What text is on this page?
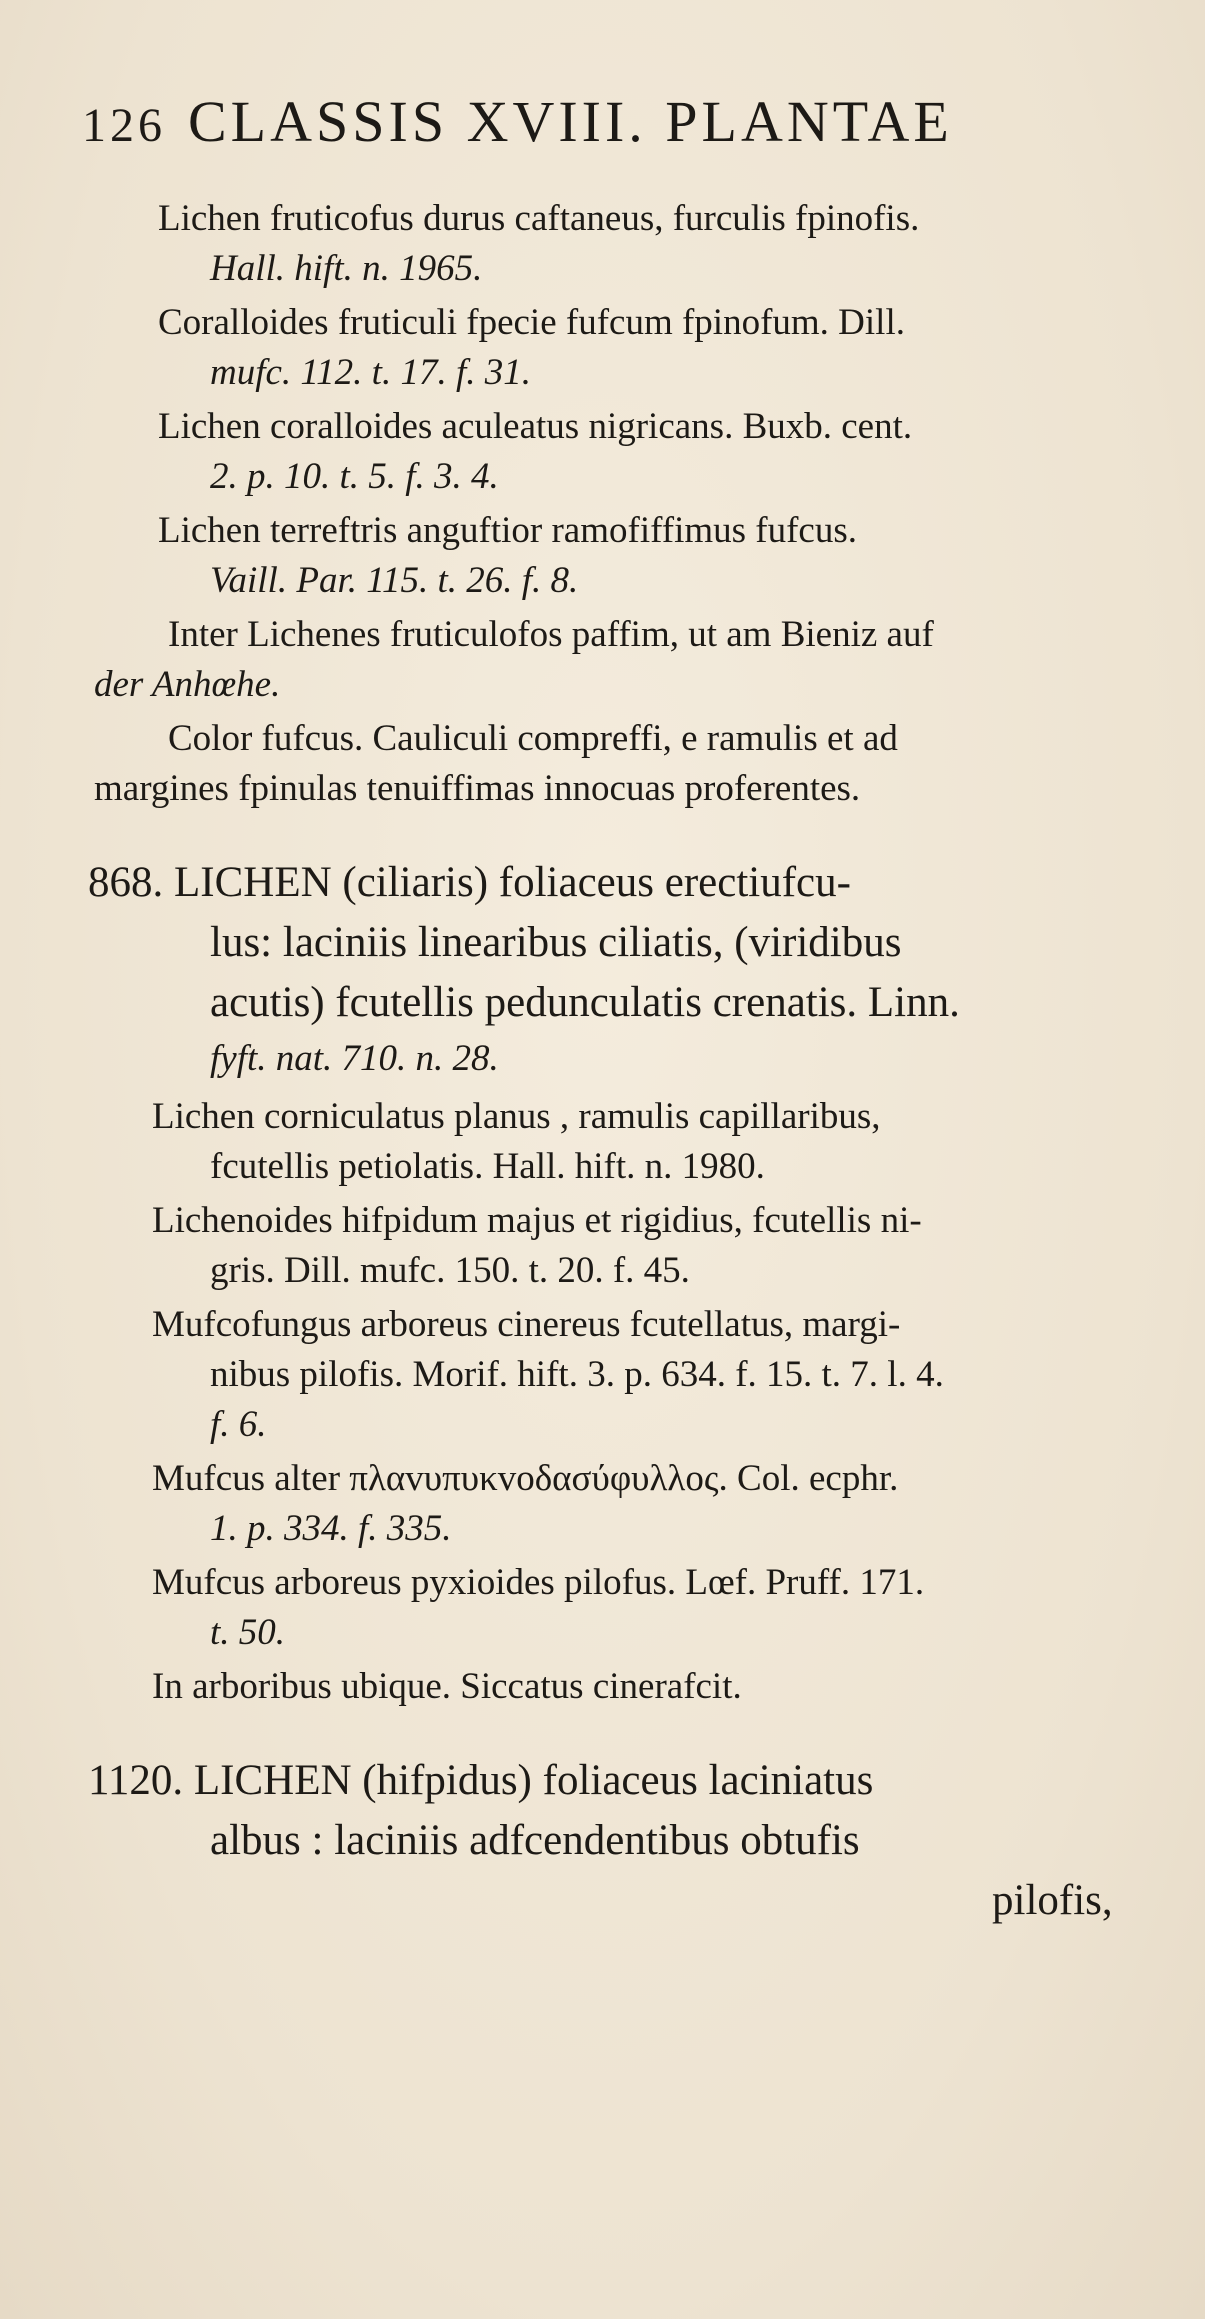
126 CLASSIS XVIII. PLANTAE
Lichen fruticofus durus caftaneus, furculis fpinofis.
Hall. hift. n. 1965.
Coralloides fruticuli fpecie fufcum fpinofum. Dill.
mufc. 112. t. 17. f. 31.
Lichen coralloides aculeatus nigricans. Buxb. cent.
2. p. 10. t. 5. f. 3. 4.
Lichen terreftris anguftior ramofiffimus fufcus.
Vaill. Par. 115. t. 26. f. 8.
Inter Lichenes fruticulofos paffim, ut am Bieniz auf
der Anhœhe.
Color fufcus. Cauliculi compreffi, e ramulis et ad
margines fpinulas tenuiffimas innocuas proferentes.
868. LICHEN (ciliaris) foliaceus erectiufcu-
lus: laciniis linearibus ciliatis, (viridibus
acutis) fcutellis pedunculatis crenatis. Linn.
fyft. nat. 710. n. 28.
Lichen corniculatus planus , ramulis capillaribus,
fcutellis petiolatis. Hall. hift. n. 1980.
Lichenoides hifpidum majus et rigidius, fcutellis ni-
gris. Dill. mufc. 150. t. 20. f. 45.
Mufcofungus arboreus cinereus fcutellatus, margi-
nibus pilofis. Morif. hift. 3. p. 634. f. 15. t. 7. l. 4.
f. 6.
Mufcus alter πλαvυπυκvoδασύφυλλος. Col. ecphr.
1. p. 334. f. 335.
Mufcus arboreus pyxioides pilofus. Lœf. Pruff. 171.
t. 50.
In arboribus ubique. Siccatus cinerafcit.
1120. LICHEN (hifpidus) foliaceus laciniatus
albus : laciniis adfcendentibus obtufis
pilofis,
